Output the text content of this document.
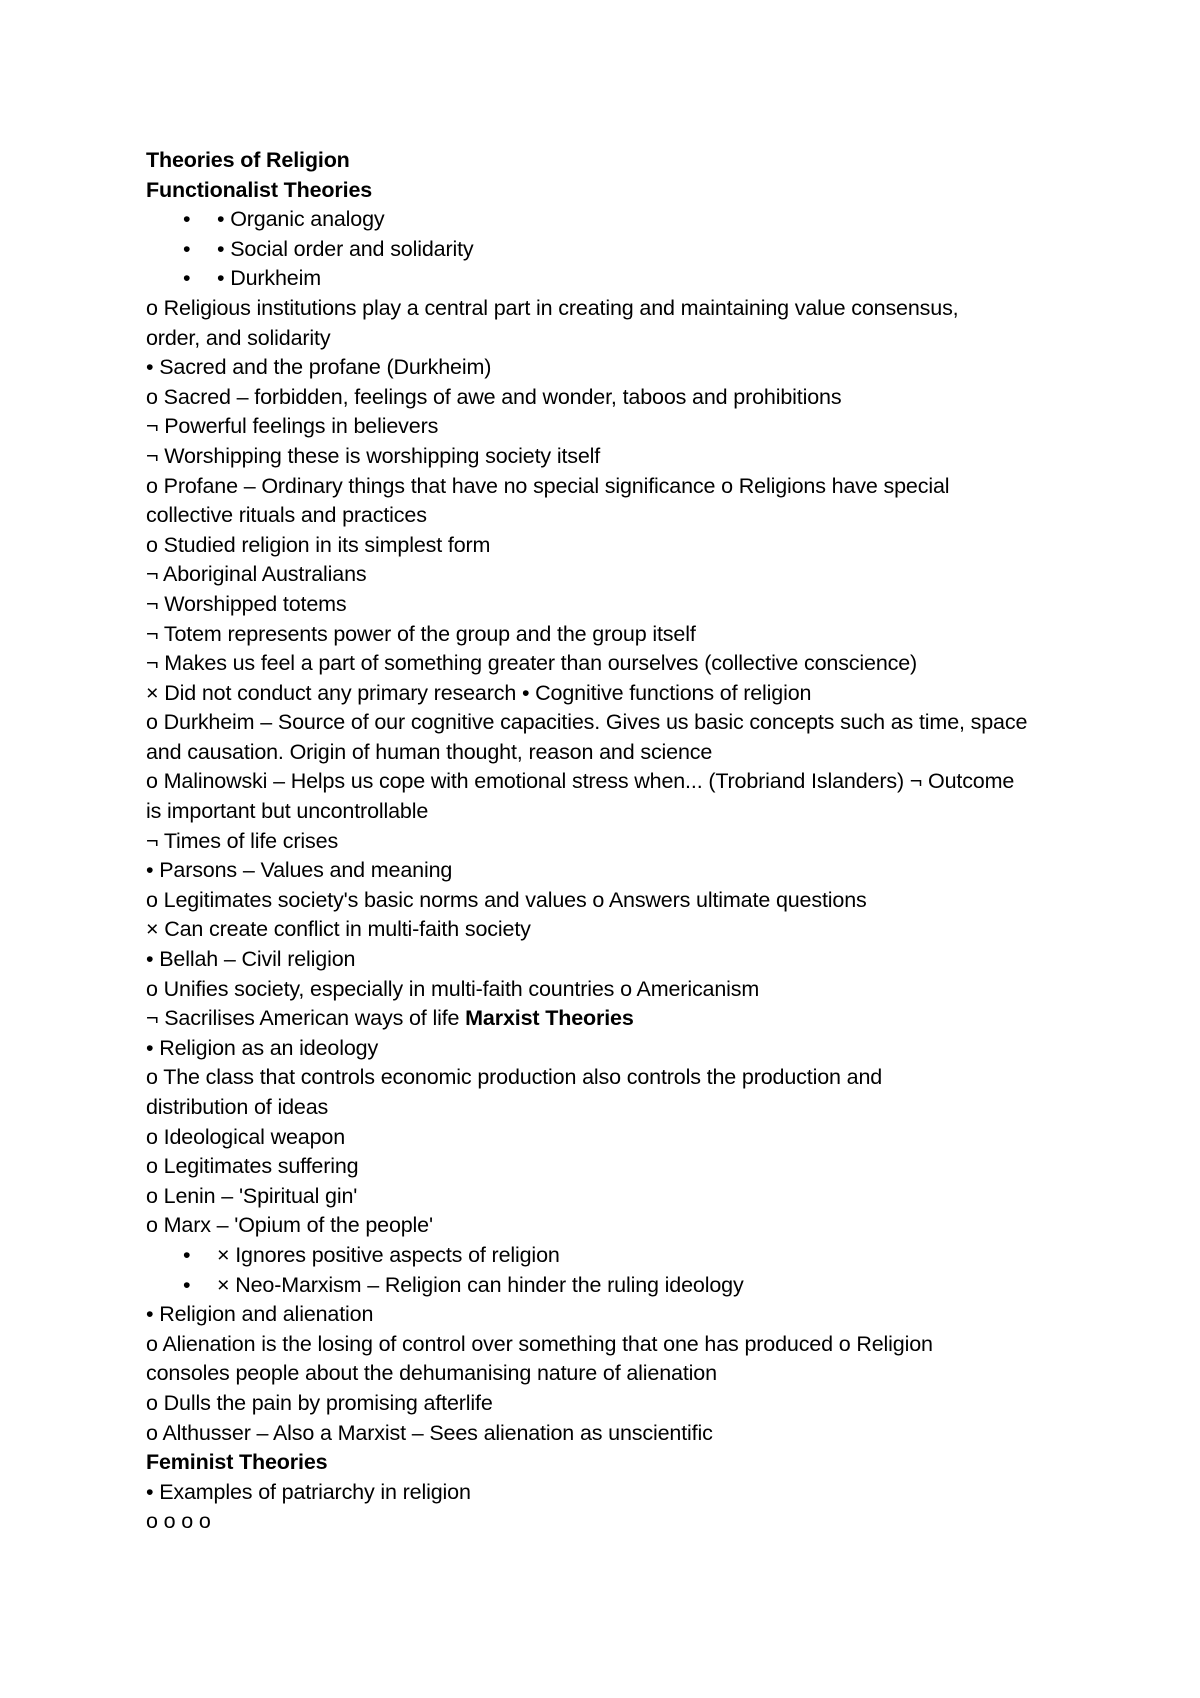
Theories of Religion
Functionalist Theories
• • Organic analogy
• • Social order and solidarity
• • Durkheim
o Religious institutions play a central part in creating and maintaining value consensus,
order, and solidarity
• Sacred and the profane (Durkheim)
o Sacred – forbidden, feelings of awe and wonder, taboos and prohibitions
¬ Powerful feelings in believers
¬ Worshipping these is worshipping society itself
o Profane – Ordinary things that have no special significance o Religions have special
collective rituals and practices
o Studied religion in its simplest form
¬ Aboriginal Australians
¬ Worshipped totems
¬ Totem represents power of the group and the group itself
¬ Makes us feel a part of something greater than ourselves (collective conscience)
× Did not conduct any primary research • Cognitive functions of religion
o Durkheim – Source of our cognitive capacities. Gives us basic concepts such as time, space
and causation. Origin of human thought, reason and science
o Malinowski – Helps us cope with emotional stress when... (Trobriand Islanders) ¬ Outcome
is important but uncontrollable
¬ Times of life crises
• Parsons – Values and meaning
o Legitimates society's basic norms and values o Answers ultimate questions
× Can create conflict in multi-faith society
• Bellah – Civil religion
o Unifies society, especially in multi-faith countries o Americanism
¬ Sacrilises American ways of life Marxist Theories
• Religion as an ideology
o The class that controls economic production also controls the production and
distribution of ideas
o Ideological weapon
o Legitimates suffering
o Lenin – 'Spiritual gin'
o Marx – 'Opium of the people'
• × Ignores positive aspects of religion
• × Neo-Marxism – Religion can hinder the ruling ideology
• Religion and alienation
o Alienation is the losing of control over something that one has produced o Religion
consoles people about the dehumanising nature of alienation
o Dulls the pain by promising afterlife
o Althusser – Also a Marxist – Sees alienation as unscientific
Feminist Theories
• Examples of patriarchy in religion
o o o o
